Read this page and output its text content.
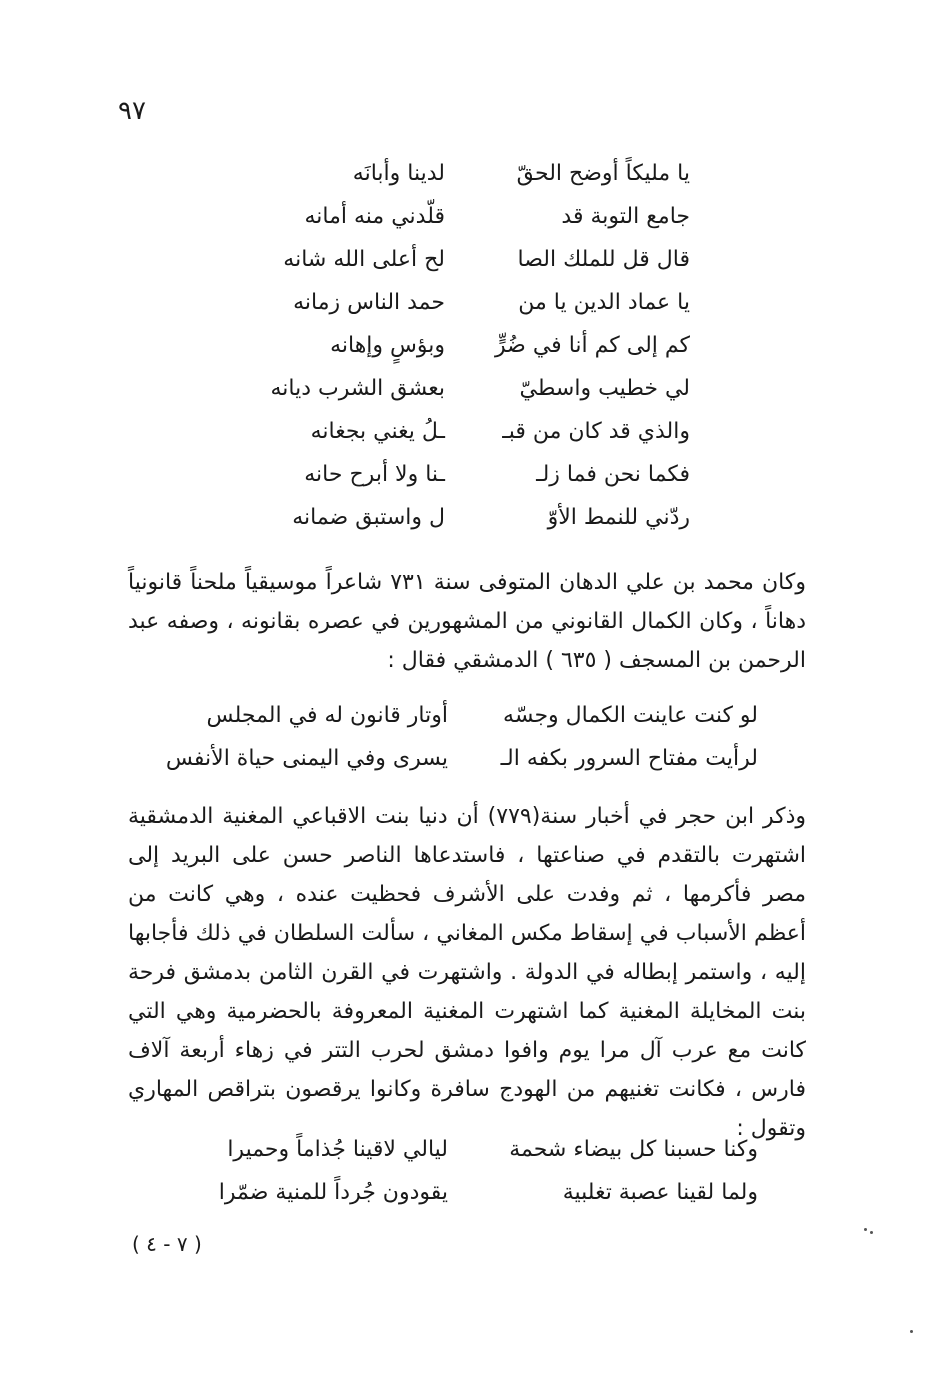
٩٧
يا مليكاً أوضح الحقّ
لدينا وأبانَه
جامع التوبة قد
قلّدني منه أمانه
قال قل للملك الصا
لح أعلى الله شانه
يا عماد الدين يا من
حمد الناس زمانه
كم إلى كم أنا في ضُرٍّ
وبؤسٍ وإهانه
لي خطيب واسطيّ
بعشق الشرب ديانه
والذي قد كان من قبـ
ـلُ يغني بجغانه
فكما نحن فما زلـ
ـنا ولا أبرح حانه
ردّني للنمط الأوّ
ل واستبق ضمانه
وكان محمد بن علي الدهان المتوفى سنة ٧٣١ شاعراً موسيقياً ملحناً قانونياً دهاناً ، وكان الكمال القانوني من المشهورين في عصره بقانونه ، وصفه عبد الرحمن بن المسجف ( ٦٣٥ ) الدمشقي فقال :
لو كنت عاينت الكمال وجسّه
أوتار قانون له في المجلس
لرأيت مفتاح السرور بكفه الـ
يسرى وفي اليمنى حياة الأنفس
وذكر ابن حجر في أخبار سنة(٧٧٩) أن دنيا بنت الاقباعي المغنية الدمشقية اشتهرت بالتقدم في صناعتها ، فاستدعاها الناصر حسن على البريد إلى مصر فأكرمها ، ثم وفدت على الأشرف فحظيت عنده ، وهي كانت من أعظم الأسباب في إسقاط مكس المغاني ، سألت السلطان في ذلك فأجابها إليه ، واستمر إبطاله في الدولة . واشتهرت في القرن الثامن بدمشق فرحة بنت المخايلة المغنية كما اشتهرت المغنية المعروفة بالحضرمية وهي التي كانت مع عرب آل مرا يوم وافوا دمشق لحرب التتر في زهاء أربعة آلاف فارس ، فكانت تغنيهم من الهودج سافرة وكانوا يرقصون بتراقص المهاري وتقول :
وكنا حسبنا كل بيضاء شحمة
ليالي لاقينا جُذاماً وحميرا
ولما لقينا عصبة تغلبية
يقودون جُرداً للمنية ضمّرا
( ٧ - ٤ )
